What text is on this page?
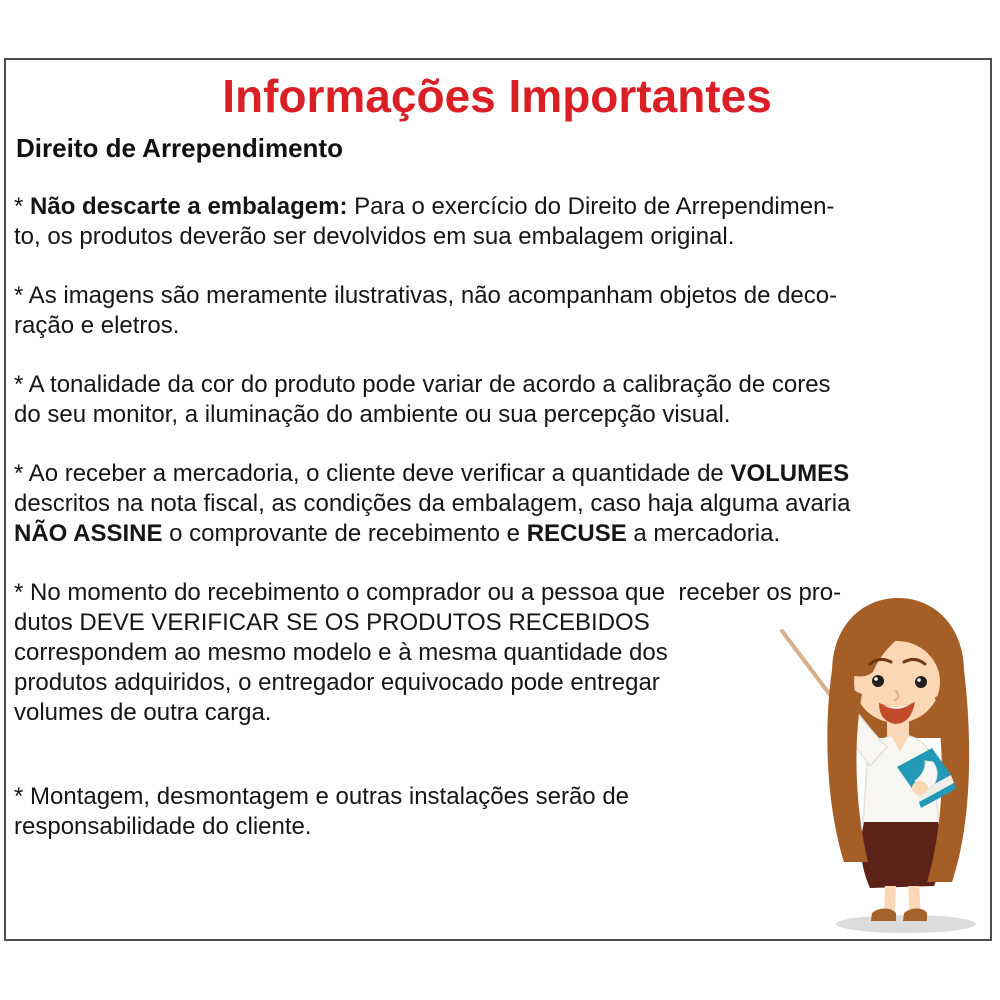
Informações Importantes
Direito de Arrependimento
* Não descarte a embalagem: Para o exercício do Direito de Arrependimen-
to, os produtos deverão ser devolvidos em sua embalagem original.
* As imagens são meramente ilustrativas, não acompanham objetos de deco-
ração e eletros.
* A tonalidade da cor do produto pode variar de acordo a calibração de cores
do seu monitor, a iluminação do ambiente ou sua percepção visual.
* Ao receber a mercadoria, o cliente deve verificar a quantidade de VOLUMES
descritos na nota fiscal, as condições da embalagem, caso haja alguma avaria
NÃO ASSINE o comprovante de recebimento e RECUSE a mercadoria.
* No momento do recebimento o comprador ou a pessoa que  receber os pro-
dutos DEVE VERIFICAR SE OS PRODUTOS RECEBIDOS
correspondem ao mesmo modelo e à mesma quantidade dos
produtos adquiridos, o entregador equivocado pode entregar
volumes de outra carga.
* Montagem, desmontagem e outras instalações serão de
responsabilidade do cliente.
